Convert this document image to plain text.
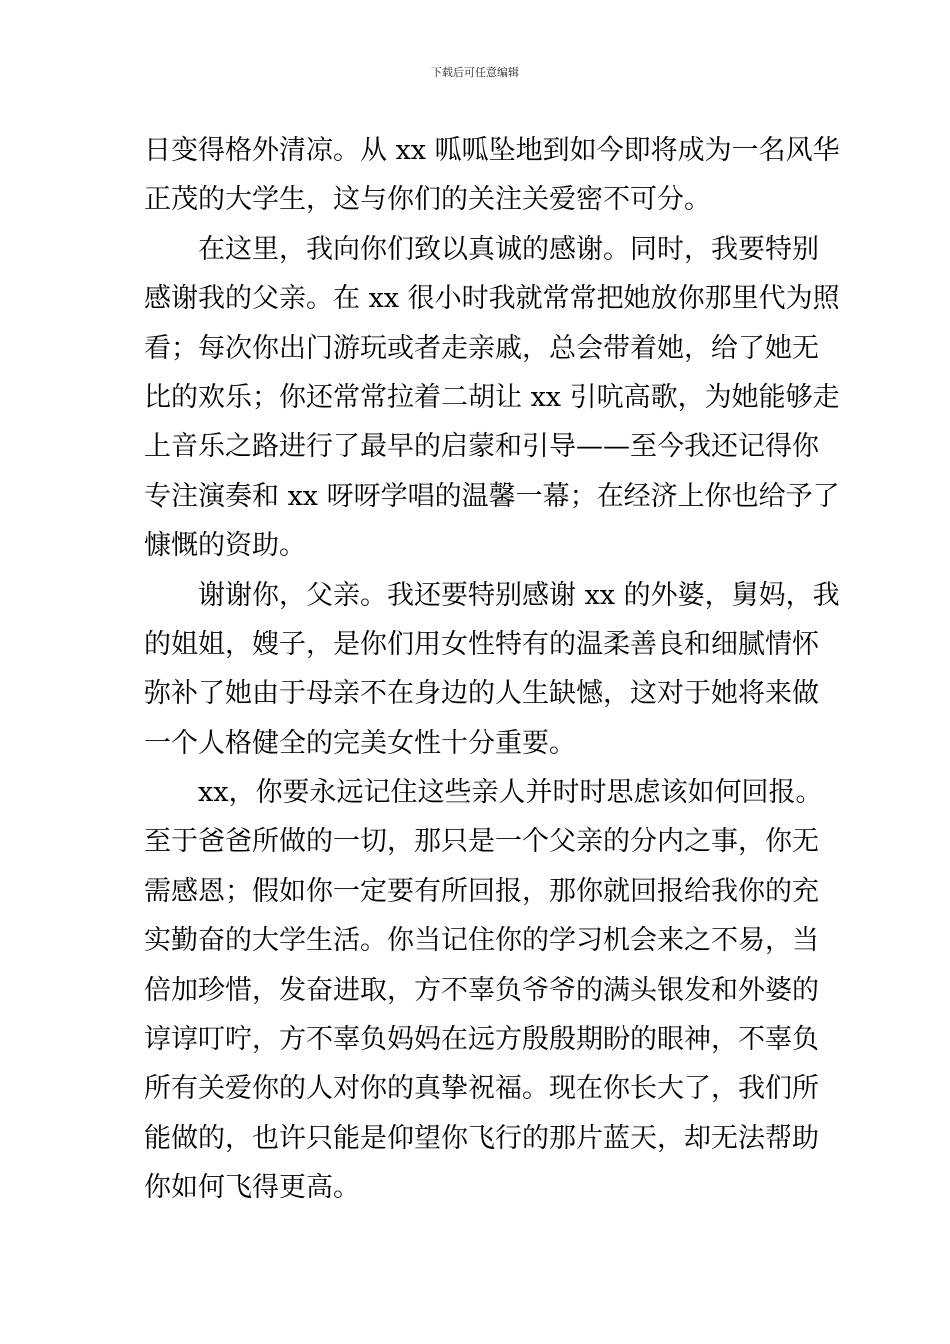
下载后可任意编辑
日变得格外清凉。从 xx 呱呱坠地到如今即将成为一名风华
正茂的大学生，这与你们的关注关爱密不可分。
在这里，我向你们致以真诚的感谢。同时，我要特别
感谢我的父亲。在 xx 很小时我就常常把她放你那里代为照
看；每次你出门游玩或者走亲戚，总会带着她，给了她无
比的欢乐；你还常常拉着二胡让 xx 引吭高歌，为她能够走
上音乐之路进行了最早的启蒙和引导——至今我还记得你
专注演奏和 xx 呀呀学唱的温馨一幕；在经济上你也给予了
慷慨的资助。
谢谢你，父亲。我还要特别感谢 xx 的外婆，舅妈，我
的姐姐，嫂子，是你们用女性特有的温柔善良和细腻情怀
弥补了她由于母亲不在身边的人生缺憾，这对于她将来做
一个人格健全的完美女性十分重要。
xx，你要永远记住这些亲人并时时思虑该如何回报。
至于爸爸所做的一切，那只是一个父亲的分内之事，你无
需感恩；假如你一定要有所回报，那你就回报给我你的充
实勤奋的大学生活。你当记住你的学习机会来之不易，当
倍加珍惜，发奋进取，方不辜负爷爷的满头银发和外婆的
谆谆叮咛，方不辜负妈妈在远方殷殷期盼的眼神，不辜负
所有关爱你的人对你的真挚祝福。现在你长大了，我们所
能做的，也许只能是仰望你飞行的那片蓝天，却无法帮助
你如何飞得更高。
